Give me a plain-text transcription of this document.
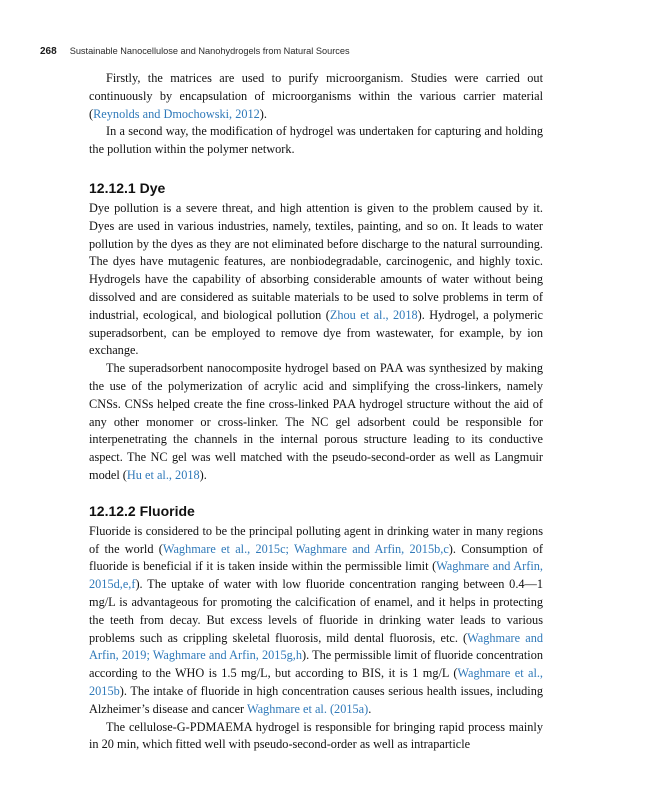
268 Sustainable Nanocellulose and Nanohydrogels from Natural Sources

Firstly, the matrices are used to purify microorganism. Studies were carried out continuously by encapsulation of microorganisms within the various carrier material (Reynolds and Dmochowski, 2012).

In a second way, the modification of hydrogel was undertaken for capturing and holding the pollution within the polymer network.

12.12.1 Dye

Dye pollution is a severe threat, and high attention is given to the problem caused by it. Dyes are used in various industries, namely, textiles, painting, and so on. It leads to water pollution by the dyes as they are not eliminated before discharge to the natural surrounding. The dyes have mutagenic features, are nonbiodegradable, carcinogenic, and highly toxic. Hydrogels have the capability of absorbing considerable amounts of water without being dissolved and are considered as suitable materials to be used to solve problems in term of industrial, ecological, and biological pollution (Zhou et al., 2018). Hydrogel, a polymeric superadsorbent, can be employed to remove dye from wastewater, for example, by ion exchange.

The superadsorbent nanocomposite hydrogel based on PAA was synthesized by making the use of the polymerization of acrylic acid and simplifying the cross-linkers, namely CNSs. CNSs helped create the fine cross-linked PAA hydrogel structure without the aid of any other monomer or cross-linker. The NC gel adsorbent could be responsible for interpenetrating the channels in the internal porous structure leading to its conductive aspect. The NC gel was well matched with the pseudo-second-order as well as Langmuir model (Hu et al., 2018).

12.12.2 Fluoride

Fluoride is considered to be the principal polluting agent in drinking water in many regions of the world (Waghmare et al., 2015c; Waghmare and Arfin, 2015b,c). Consumption of fluoride is beneficial if it is taken inside within the permissible limit (Waghmare and Arfin, 2015d,e,f). The uptake of water with low fluoride concentration ranging between 0.4—1 mg/L is advantageous for promoting the calcification of enamel, and it helps in protecting the teeth from decay. But excess levels of fluoride in drinking water leads to various problems such as crippling skeletal fluorosis, mild dental fluorosis, etc. (Waghmare and Arfin, 2019; Waghmare and Arfin, 2015g,h). The permissible limit of fluoride concentration according to the WHO is 1.5 mg/L, but according to BIS, it is 1 mg/L (Waghmare et al., 2015b). The intake of fluoride in high concentration causes serious health issues, including Alzheimer’s disease and cancer Waghmare et al. (2015a).

The cellulose-G-PDMAEMA hydrogel is responsible for bringing rapid process mainly in 20 min, which fitted well with pseudo-second-order as well as intraparticle
